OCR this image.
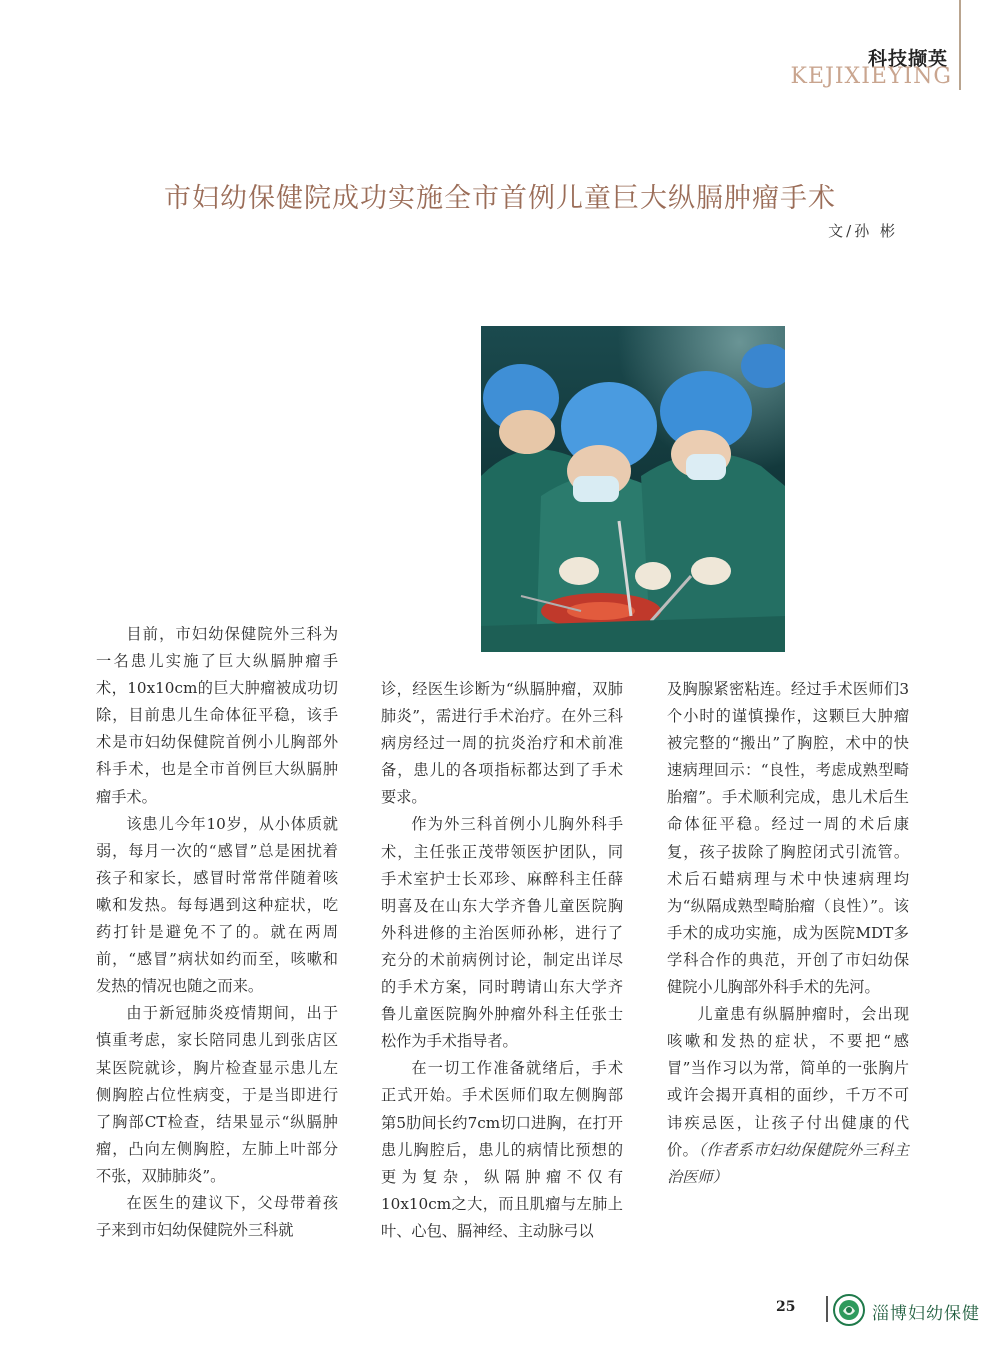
科技撷英
KEJIXIEYING
市妇幼保健院成功实施全市首例儿童巨大纵膈肿瘤手术
文/孙 彬

目前，市妇幼保健院外三科为一名患儿实施了巨大纵膈肿瘤手术，10x10cm的巨大肿瘤被成功切除，目前患儿生命体征平稳，该手术是市妇幼保健院首例小儿胸部外科手术，也是全市首例巨大纵膈肿瘤手术。

该患儿今年10岁，从小体质就弱，每月一次的“感冒”总是困扰着孩子和家长，感冒时常常伴随着咳嗽和发热。每每遇到这种症状，吃药打针是避免不了的。就在两周前，“感冒”病状如约而至，咳嗽和发热的情况也随之而来。

由于新冠肺炎疫情期间，出于慎重考虑，家长陪同患儿到张店区某医院就诊，胸片检查显示患儿左侧胸腔占位性病变，于是当即进行了胸部CT检查，结果显示“纵膈肿瘤，凸向左侧胸腔，左肺上叶部分不张，双肺肺炎”。

在医生的建议下，父母带着孩子来到市妇幼保健院外三科就

诊，经医生诊断为“纵膈肿瘤，双肺肺炎”，需进行手术治疗。在外三科病房经过一周的抗炎治疗和术前准备，患儿的各项指标都达到了手术要求。

作为外三科首例小儿胸外科手术，主任张正茂带领医护团队，同手术室护士长邓珍、麻醉科主任薛明喜及在山东大学齐鲁儿童医院胸外科进修的主治医师孙彬，进行了充分的术前病例讨论，制定出详尽的手术方案，同时聘请山东大学齐鲁儿童医院胸外肿瘤外科主任张士松作为手术指导者。

在一切工作准备就绪后，手术正式开始。手术医师们取左侧胸部第5肋间长约7cm切口进胸，在打开患儿胸腔后，患儿的病情比预想的更为复杂，纵隔肿瘤不仅有10x10cm之大，而且肌瘤与左肺上叶、心包、膈神经、主动脉弓以

及胸腺紧密粘连。经过手术医师们3个小时的谨慎操作，这颗巨大肿瘤被完整的“搬出”了胸腔，术中的快速病理回示：“良性，考虑成熟型畸胎瘤”。手术顺利完成，患儿术后生命体征平稳。经过一周的术后康复，孩子拔除了胸腔闭式引流管。术后石蜡病理与术中快速病理均为“纵隔成熟型畸胎瘤（良性）”。该手术的成功实施，成为医院MDT多学科合作的典范，开创了市妇幼保健院小儿胸部外科手术的先河。

儿童患有纵膈肿瘤时，会出现咳嗽和发热的症状，不要把“感冒”当作习以为常，简单的一张胸片或许会揭开真相的面纱，千万不可讳疾忌医，让孩子付出健康的代价。（作者系市妇幼保健院外三科主治医师）

25	淄博妇幼保健
